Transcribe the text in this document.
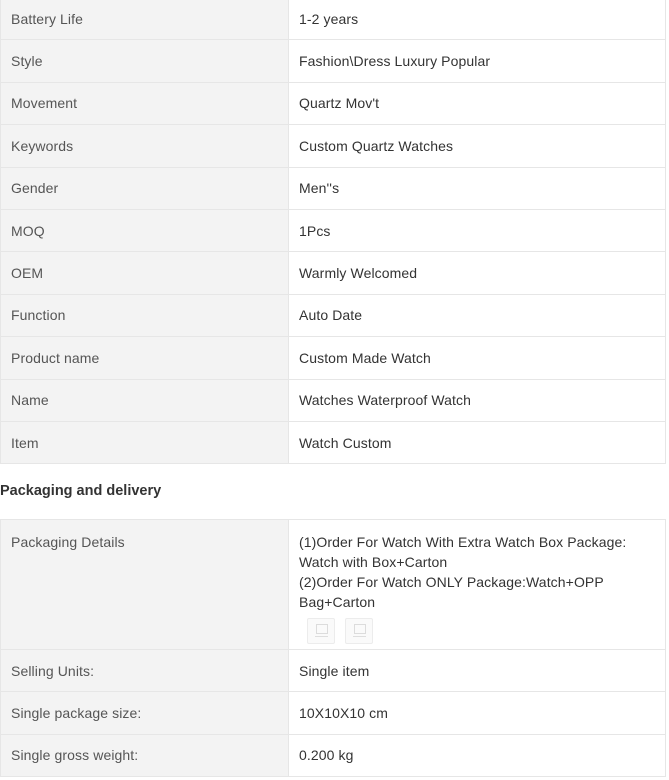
Battery Life	1-2 years
Style	Fashion\Dress Luxury Popular
Movement	Quartz Mov't
Keywords	Custom Quartz Watches
Gender	Men''s
MOQ	1Pcs
OEM	Warmly Welcomed
Function	Auto Date
Product name	Custom Made Watch
Name	Watches Waterproof Watch
Item	Watch Custom
Packaging and delivery
Packaging Details	(1)Order For Watch With Extra Watch Box Package:
Watch with Box+Carton
(2)Order For Watch ONLY Package:Watch+OPP
Bag+Carton

Selling Units:	Single item
Single package size:	10X10X10 cm
Single gross weight:	0.200 kg
